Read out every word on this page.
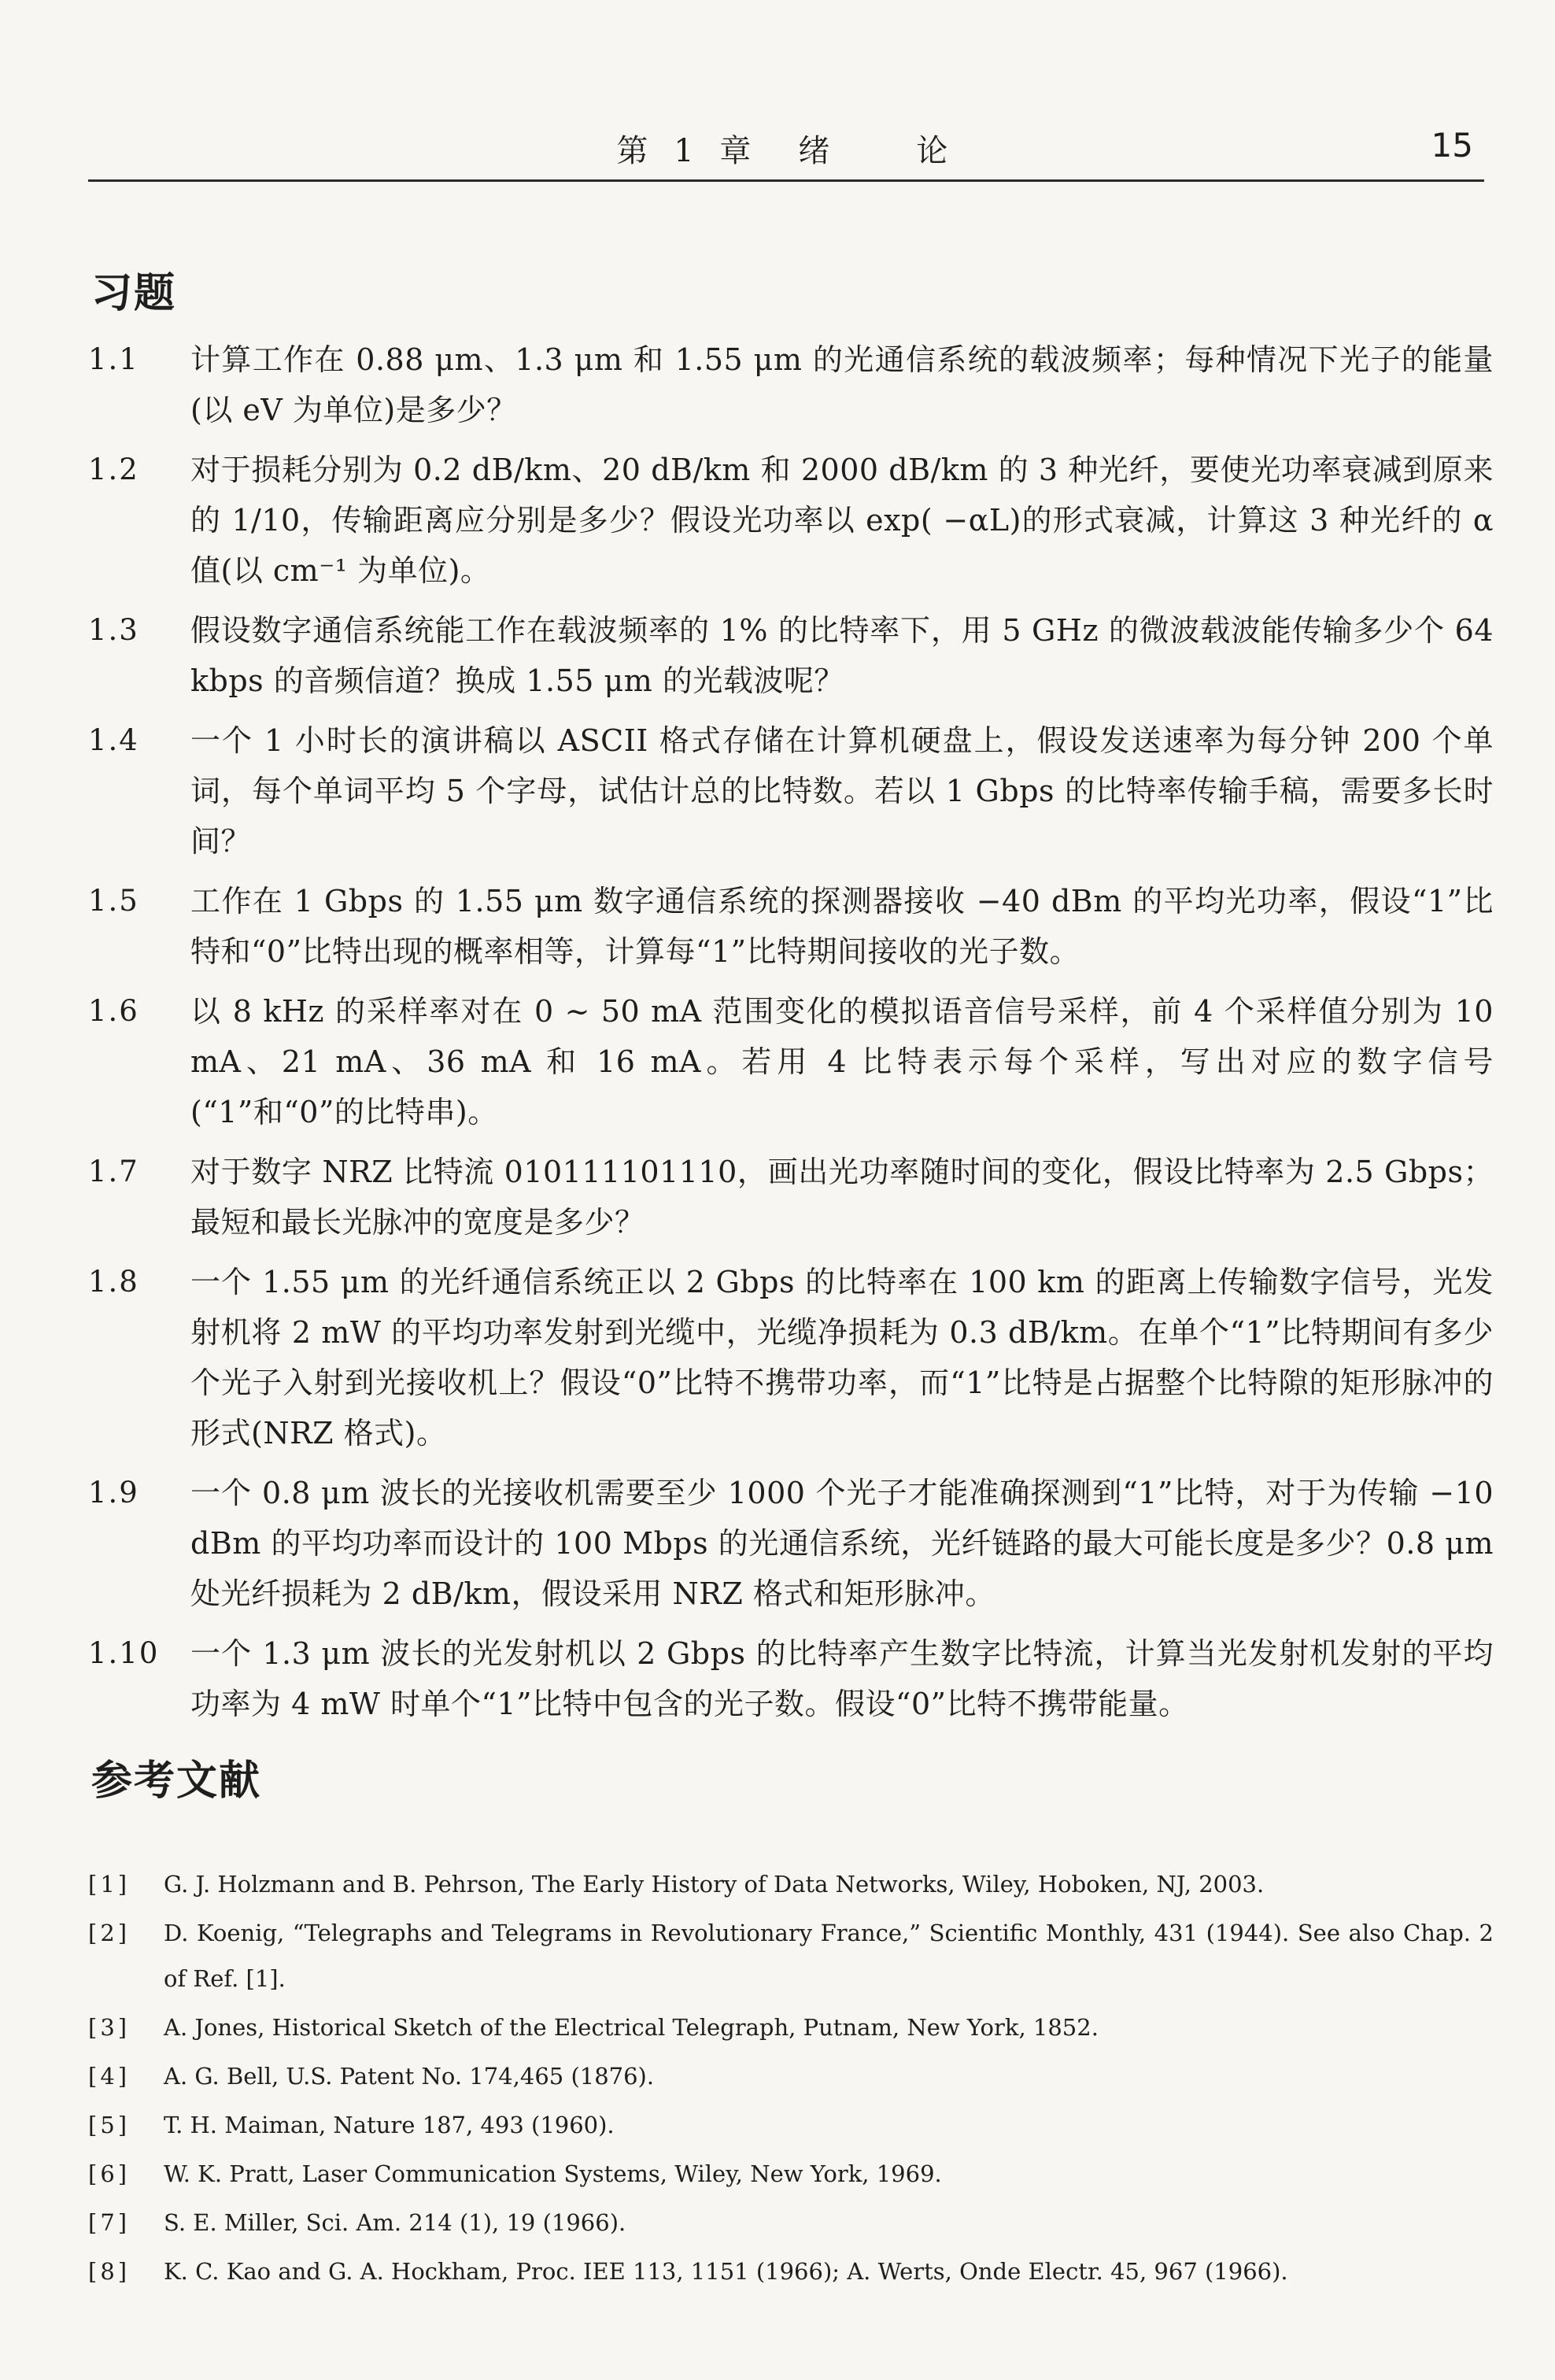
第 1 章　绪　　论	15
习题
1.1	计算工作在 0.88 μm、1.3 μm 和 1.55 μm 的光通信系统的载波频率；每种情况下光子的能量(以 eV 为单位)是多少？
1.2	对于损耗分别为 0.2 dB/km、20 dB/km 和 2000 dB/km 的 3 种光纤，要使光功率衰减到原来的 1/10，传输距离应分别是多少？假设光功率以 exp( −αL)的形式衰减，计算这 3 种光纤的 α 值(以 cm⁻¹ 为单位)。
1.3	假设数字通信系统能工作在载波频率的 1% 的比特率下，用 5 GHz 的微波载波能传输多少个 64 kbps 的音频信道？换成 1.55 μm 的光载波呢？
1.4	一个 1 小时长的演讲稿以 ASCII 格式存储在计算机硬盘上，假设发送速率为每分钟 200 个单词，每个单词平均 5 个字母，试估计总的比特数。若以 1 Gbps 的比特率传输手稿，需要多长时间？
1.5	工作在 1 Gbps 的 1.55 μm 数字通信系统的探测器接收 −40 dBm 的平均光功率，假设“1”比特和“0”比特出现的概率相等，计算每“1”比特期间接收的光子数。
1.6	以 8 kHz 的采样率对在 0 ~ 50 mA 范围变化的模拟语音信号采样，前 4 个采样值分别为 10 mA、21 mA、36 mA 和 16 mA。若用 4 比特表示每个采样，写出对应的数字信号(“1”和“0”的比特串)。
1.7	对于数字 NRZ 比特流 010111101110，画出光功率随时间的变化，假设比特率为 2.5 Gbps；最短和最长光脉冲的宽度是多少？
1.8	一个 1.55 μm 的光纤通信系统正以 2 Gbps 的比特率在 100 km 的距离上传输数字信号，光发射机将 2 mW 的平均功率发射到光缆中，光缆净损耗为 0.3 dB/km。在单个“1”比特期间有多少个光子入射到光接收机上？假设“0”比特不携带功率，而“1”比特是占据整个比特隙的矩形脉冲的形式(NRZ 格式)。
1.9	一个 0.8 μm 波长的光接收机需要至少 1000 个光子才能准确探测到“1”比特，对于为传输 −10 dBm 的平均功率而设计的 100 Mbps 的光通信系统，光纤链路的最大可能长度是多少？0.8 μm 处光纤损耗为 2 dB/km，假设采用 NRZ 格式和矩形脉冲。
1.10	一个 1.3 μm 波长的光发射机以 2 Gbps 的比特率产生数字比特流，计算当光发射机发射的平均功率为 4 mW 时单个“1”比特中包含的光子数。假设“0”比特不携带能量。
参考文献
[1]	G. J. Holzmann and B. Pehrson, The Early History of Data Networks, Wiley, Hoboken, NJ, 2003.
[2]	D. Koenig, “Telegraphs and Telegrams in Revolutionary France,” Scientific Monthly, 431 (1944). See also Chap. 2 of Ref. [1].
[3]	A. Jones, Historical Sketch of the Electrical Telegraph, Putnam, New York, 1852.
[4]	A. G. Bell, U.S. Patent No. 174,465 (1876).
[5]	T. H. Maiman, Nature 187, 493 (1960).
[6]	W. K. Pratt, Laser Communication Systems, Wiley, New York, 1969.
[7]	S. E. Miller, Sci. Am. 214 (1), 19 (1966).
[8]	K. C. Kao and G. A. Hockham, Proc. IEE 113, 1151 (1966); A. Werts, Onde Electr. 45, 967 (1966).
